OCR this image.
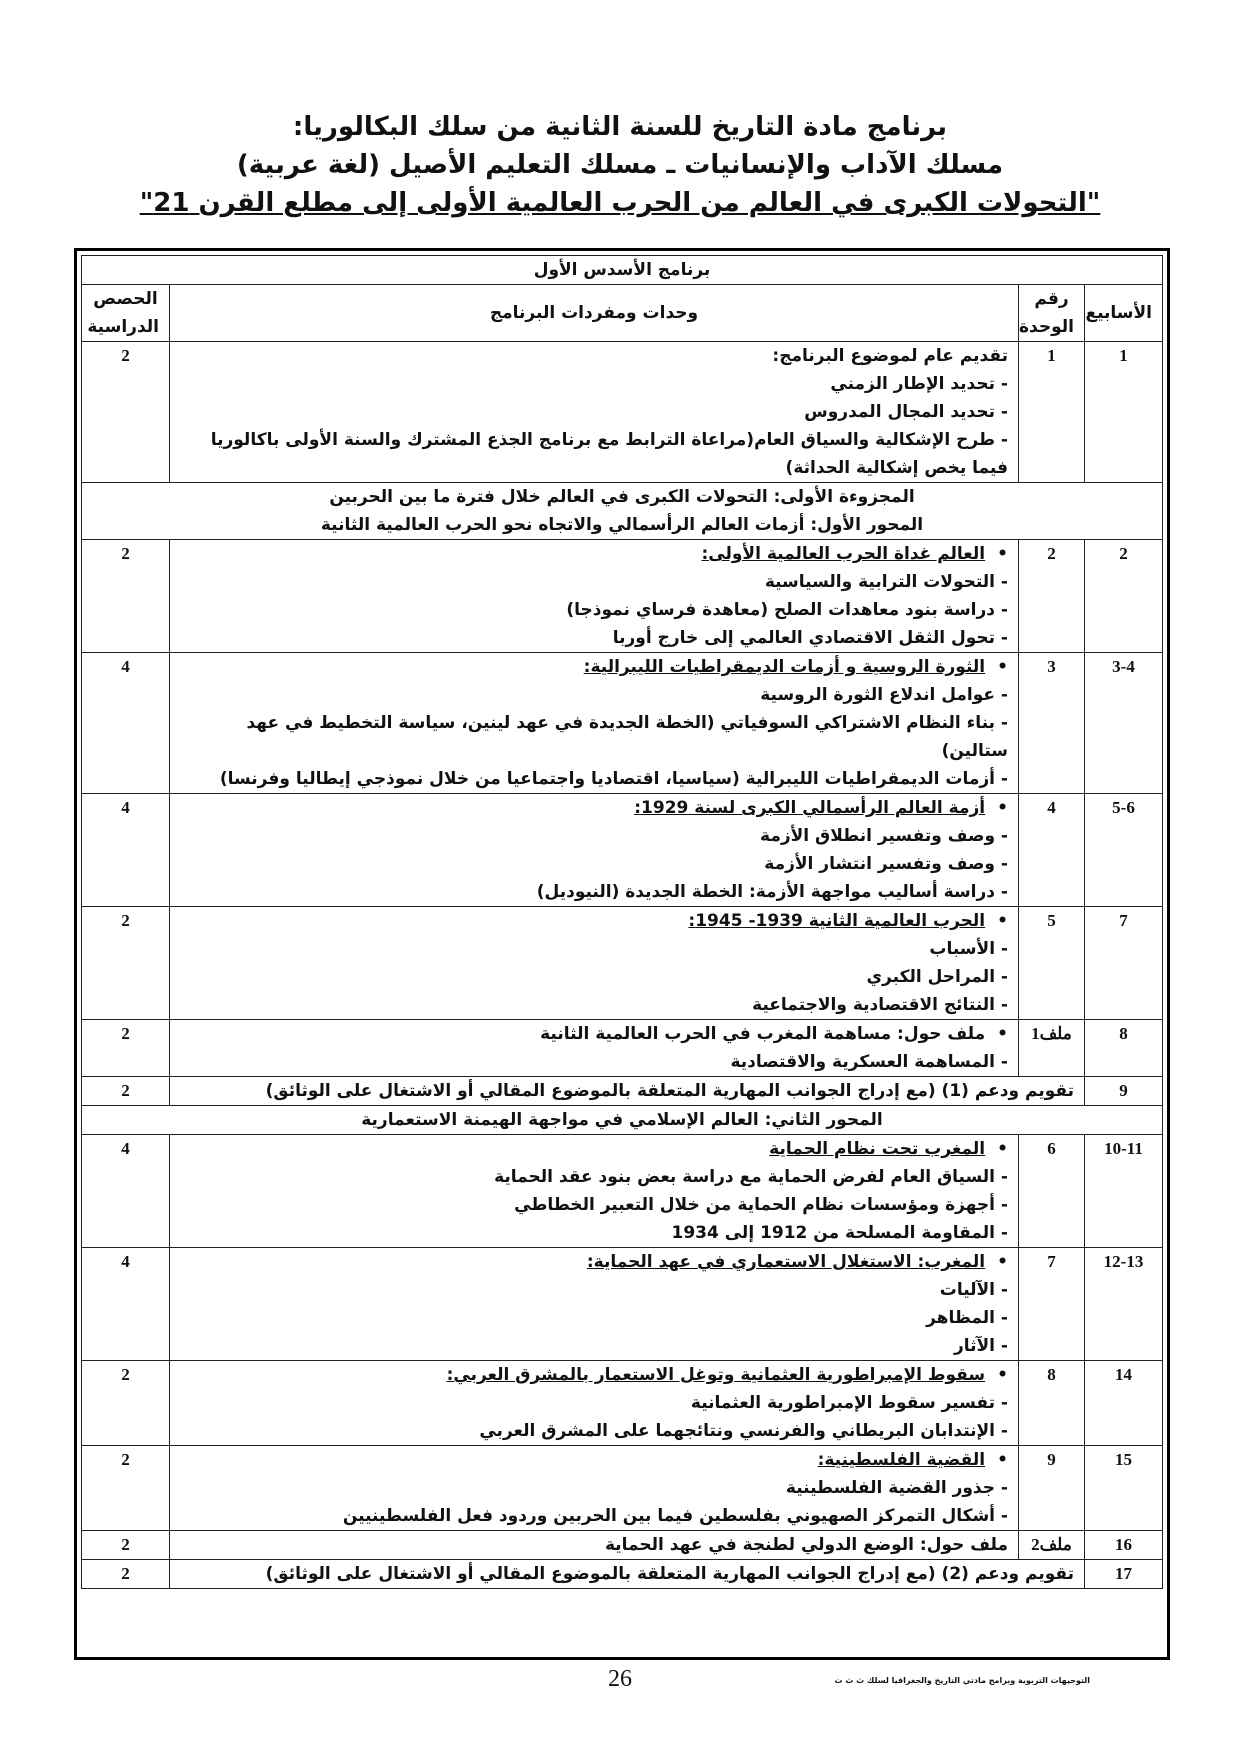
برنامج مادة التاريخ للسنة الثانية من سلك البكالوريا:
مسلك الآداب والإنسانيات ـ مسلك التعليم الأصيل (لغة عربية)
"التحولات الكبرى في العالم من الحرب العالمية الأولى إلى مطلع القرن 21"
برنامج الأسدس الأول			
الأسابيع	رقم الوحدة	وحدات ومفردات البرنامج	الحصص الدراسية
1	1	تقديم عام لموضوع البرنامج:
- تحديد الإطار الزمني
- تحديد المجال المدروس
- طرح الإشكالية والسياق العام(مراعاة الترابط مع برنامج الجذع المشترك والسنة الأولى باكالوريا فيما يخص إشكالية الحداثة)	2

المجزوءة الأولى: التحولات الكبرى في العالم خلال فترة ما بين الحربين
المحور الأول: أزمات العالم الرأسمالي والاتجاه نحو الحرب العالمية الثانية			

2	2	• العالم غداة الحرب العالمية الأولى:
- التحولات الترابية والسياسية
- دراسة بنود معاهدات الصلح (معاهدة فرساي نموذجا)
- تحول الثقل الاقتصادي العالمي إلى خارج أوربا	2
3-4	3	• الثورة الروسية و أزمات الديمقراطيات الليبرالية:
- عوامل اندلاع الثورة الروسية
- بناء النظام الاشتراكي السوفياتي (الخطة الجديدة في عهد لينين، سياسة التخطيط في عهد ستالين)
- أزمات الديمقراطيات الليبرالية (سياسيا، اقتصاديا واجتماعيا من خلال نموذجي إيطاليا وفرنسا)	4
5-6	4	• أزمة العالم الرأسمالي الكبرى لسنة 1929:
- وصف وتفسير انطلاق الأزمة
- وصف وتفسير انتشار الأزمة
- دراسة أساليب مواجهة الأزمة: الخطة الجديدة (النيوديل)	4
7	5	• الحرب العالمية الثانية 1939- 1945:
- الأسباب
- المراحل الكبري
- النتائج الاقتصادية والاجتماعية	2
8	ملف1	• ملف حول: مساهمة المغرب في الحرب العالمية الثانية
- المساهمة العسكرية والاقتصادية	2
9	تقويم ودعم (1) (مع إدراج الجوانب المهارية المتعلقة بالموضوع المقالي أو الاشتغال على الوثائق)		2

المحور الثاني: العالم الإسلامي في مواجهة الهيمنة الاستعمارية			

10-11	6	• المغرب تحت نظام الحماية
- السياق العام لفرض الحماية مع دراسة بعض بنود عقد الحماية
- أجهزة ومؤسسات نظام الحماية من خلال التعبير الخطاطي
- المقاومة المسلحة من 1912 إلى 1934	4
12-13	7	• المغرب: الاستغلال الاستعماري في عهد الحماية:
- الآليات
- المظاهر
- الآثار	4
14	8	• سقوط الإمبراطورية العثمانية وتوغل الاستعمار بالمشرق العربي:
- تفسير سقوط الإمبراطورية العثمانية
- الإنتدابان البريطاني والفرنسي ونتائجهما على المشرق العربي	2
15	9	• القضية الفلسطينية:
- جذور القضية الفلسطينية
- أشكال التمركز الصهيوني بفلسطين فيما بين الحربين وردود فعل الفلسطينيين	2
16	ملف2	ملف حول: الوضع الدولي لطنجة في عهد الحماية	2
17	تقويم ودعم (2) (مع إدراج الجوانب المهارية المتعلقة بالموضوع المقالي أو الاشتغال على الوثائق)		2
26	التوجيهات التربوية وبرامج مادتي التاريخ والجغرافيا لسلك ث ث ت
